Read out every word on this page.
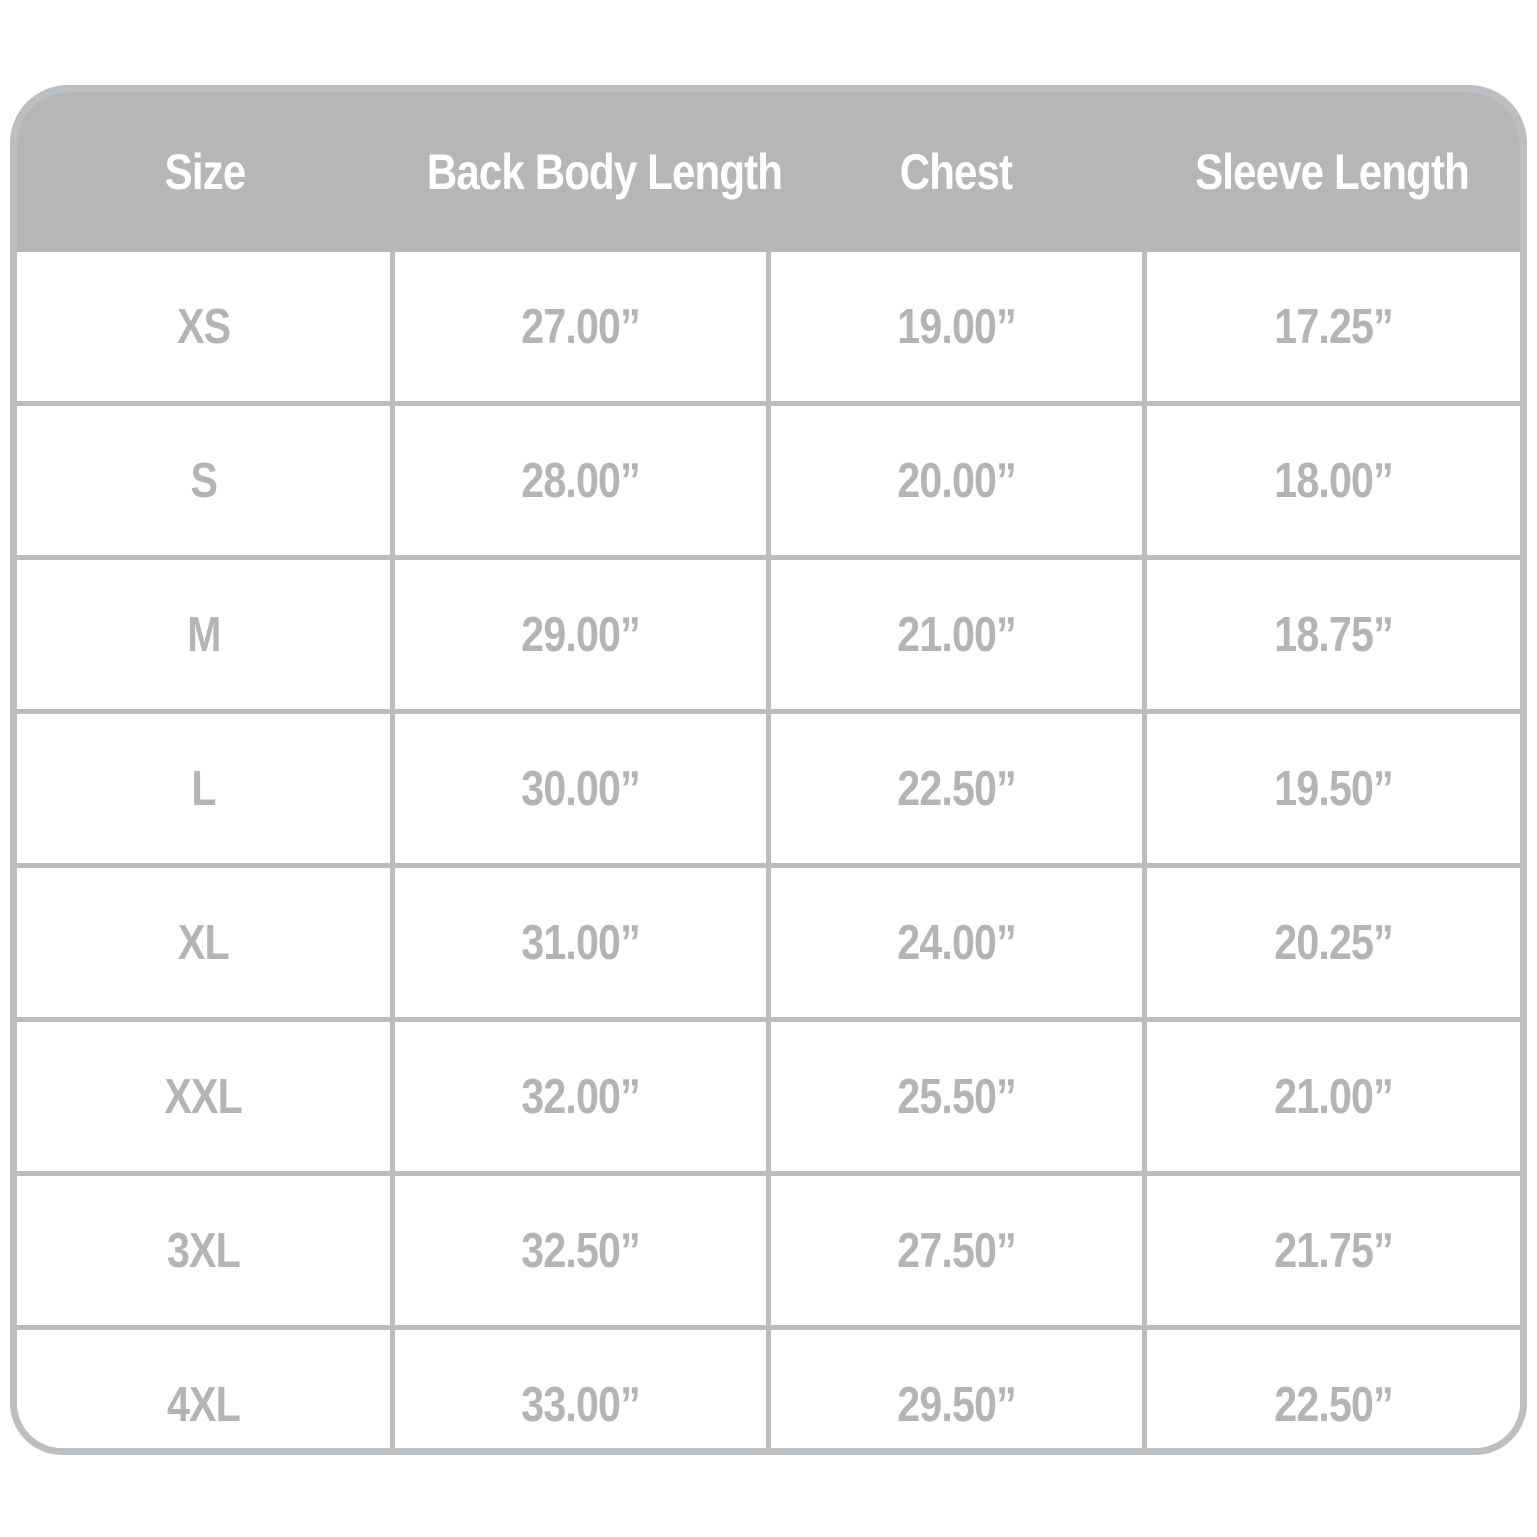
Size	Back Body Length	Chest	Sleeve Length
XS	27.00”	19.00”	17.25”
S	28.00”	20.00”	18.00”
M	29.00”	21.00”	18.75”
L	30.00”	22.50”	19.50”
XL	31.00”	24.00”	20.25”
XXL	32.00”	25.50”	21.00”
3XL	32.50”	27.50”	21.75”
4XL	33.00”	29.50”	22.50”
